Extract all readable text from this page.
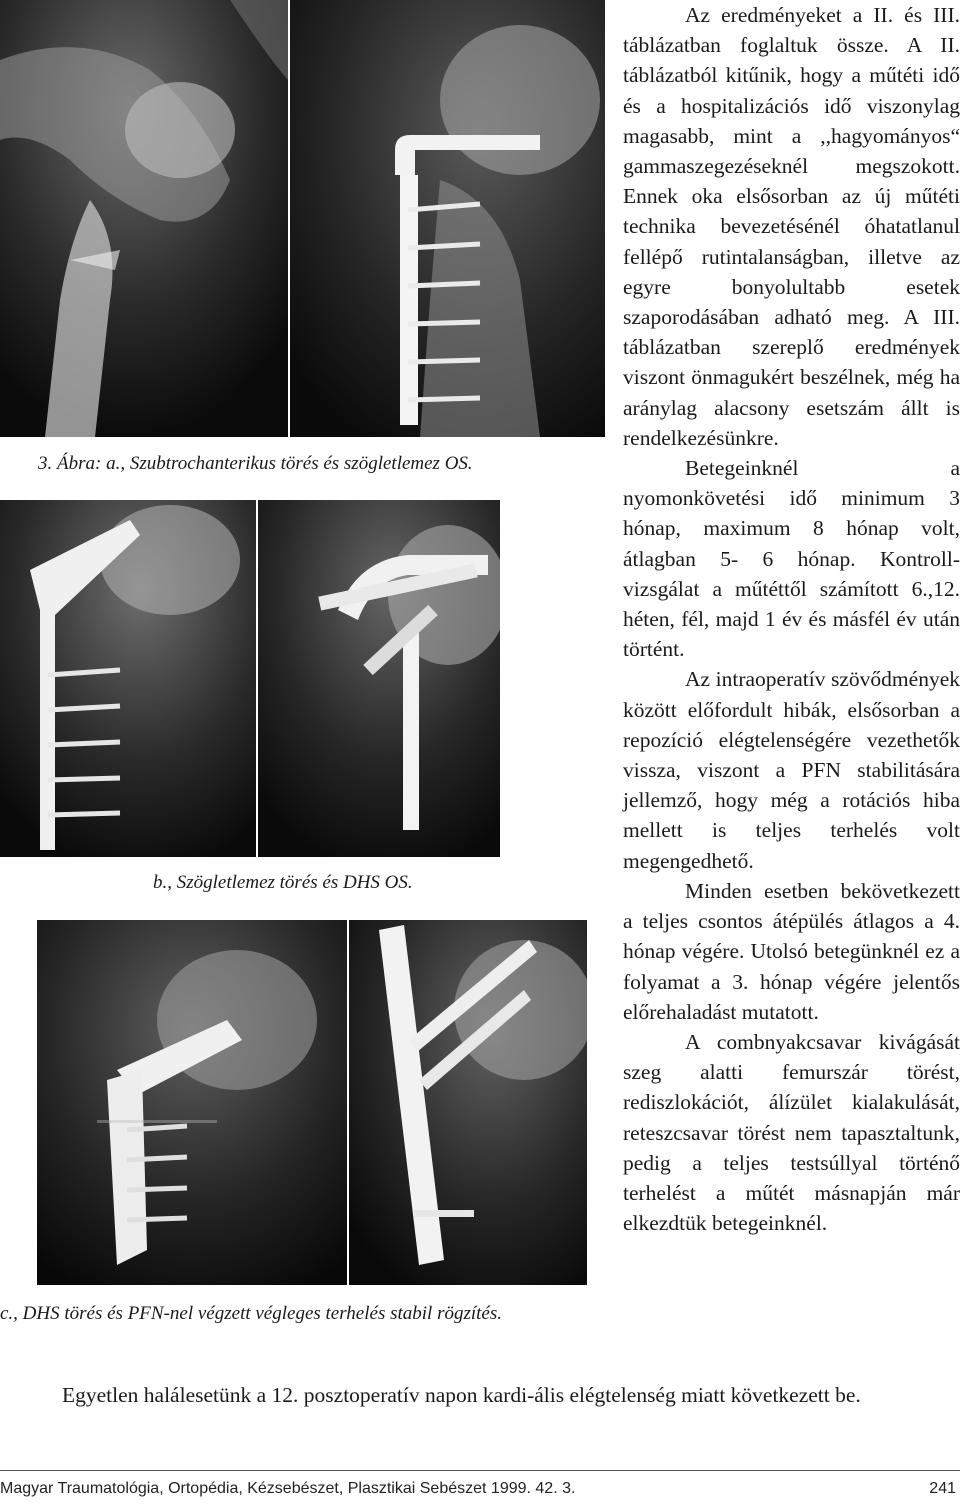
3. Ábra: a., Szubtrochanterikus törés és szögletlemez OS.
b., Szögletlemez törés és DHS OS.
c., DHS törés és PFN-nel végzett végleges terhelés stabil rögzítés.

Az eredményeket a II. és III. táblázatban foglaltuk össze. A II. táblázatból kitűnik, hogy a műtéti idő és a hospitalizációs idő viszonylag magasabb, mint a ,,hagyományos“ gammaszegezéseknél megszokott. Ennek oka elsősorban az új műtéti technika bevezetésénél óhatatlanul fellépő rutintalanságban, illetve az egyre bonyolultabb esetek szaporodásában adható meg. A III. táblázatban szereplő eredmények viszont önmagukért beszélnek, még ha aránylag alacsony esetszám állt is rendelkezésünkre.

Betegeinknél a nyomonkövetési idő minimum 3 hónap, maximum 8 hónap volt, átlagban 5- 6 hónap. Kontroll- vizsgálat a műtéttől számított 6.,12. héten, fél, majd 1 év és másfél év után történt.

Az intraoperatív szövődmények között előfordult hibák, elsősorban a repozíció elégtelenségére vezethetők vissza, viszont a PFN stabilitására jellemző, hogy még a rotációs hiba mellett is teljes terhelés volt megengedhető.

Minden esetben bekövetkezett a teljes csontos átépülés átlagos a 4. hónap végére. Utolsó betegünknél ez a folyamat a 3. hónap végére jelentős előrehaladást mutatott.

A combnyakcsavar kivágását szeg alatti femurszár törést, rediszlokációt, álízület kialakulását, reteszcsavar törést nem tapasztaltunk, pedig a teljes testsúllyal történő terhelést a műtét másnapján már elkezdtük betegeinknél.

Egyetlen halálesetünk a 12. posztoperatív napon kardi-ális elégtelenség miatt következett be.
Magyar Traumatológia, Ortopédia, Kézsebészet, Plasztikai Sebészet 1999. 42. 3.	241
